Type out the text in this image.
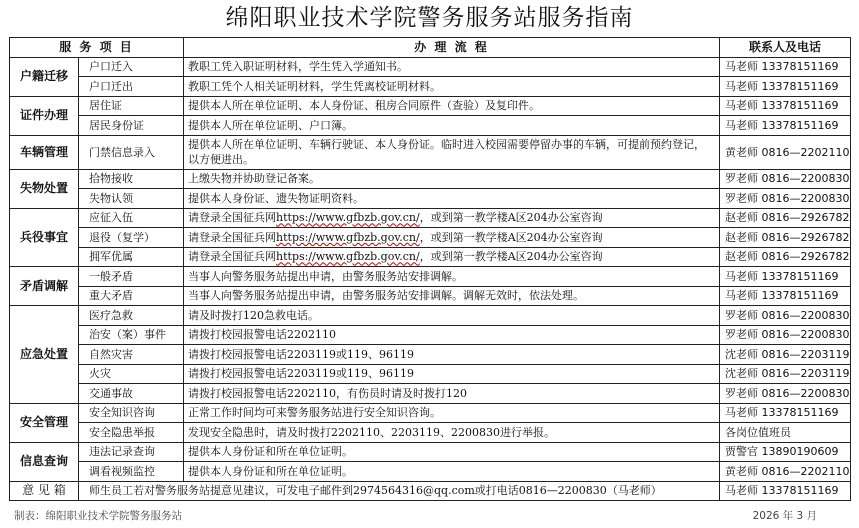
绵阳职业技术学院警务服务站服务指南
服 务 项 目		办 理 流 程	联系人及电话
户籍迁移	户口迁入	教职工凭入职证明材料，学生凭入学通知书。	马老师 13378151169
	户口迁出	教职工凭个人相关证明材料，学生凭离校证明材料。	马老师 13378151169
证件办理	居住证	提供本人所在单位证明、本人身份证、租房合同原件（查验）及复印件。	马老师 13378151169
	居民身份证	提供本人所在单位证明、户口簿。	马老师 13378151169
车辆管理	门禁信息录入	提供本人所在单位证明、车辆行驶证、本人身份证。临时进入校园需要停留办事的车辆，可提前预约登记，以方便进出。	黄老师 0816—2202110
失物处置	拾物接收	上缴失物并协助登记备案。	罗老师 0816—2200830
	失物认领	提供本人身份证、遗失物证明资料。	罗老师 0816—2200830
兵役事宜	应征入伍	请登录全国征兵网https://www.gfbzb.gov.cn/，或到第一教学楼A区204办公室咨询	赵老师 0816—2926782
	退役（复学）	请登录全国征兵网https://www.gfbzb.gov.cn/，或到第一教学楼A区204办公室咨询	赵老师 0816—2926782
	拥军优属	请登录全国征兵网https://www.gfbzb.gov.cn/，或到第一教学楼A区204办公室咨询	赵老师 0816—2926782
矛盾调解	一般矛盾	当事人向警务服务站提出申请，由警务服务站安排调解。	马老师 13378151169
	重大矛盾	当事人向警务服务站提出申请，由警务服务站安排调解。调解无效时，依法处理。	马老师 13378151169
应急处置	医疗急救	请及时拨打120急救电话。	罗老师 0816—2200830
	治安（案）事件	请拨打校园报警电话2202110	罗老师 0816—2200830
	自然灾害	请拨打校园报警电话2203119或119、96119	沈老师 0816—2203119
	火灾	请拨打校园报警电话2203119或119、96119	沈老师 0816—2203119
	交通事故	请拨打校园报警电话2202110，有伤员时请及时拨打120	罗老师 0816—2200830
安全管理	安全知识咨询	正常工作时间均可来警务服务站进行安全知识咨询。	马老师 13378151169
	安全隐患举报	发现安全隐患时，请及时拨打2202110、2203119、2200830进行举报。	各岗位值班员
信息查询	违法记录查询	提供本人身份证和所在单位证明。	贾警官 13890190609
	调看视频监控	提供本人身份证和所在单位证明。	黄老师 0816—2202110
意 见 箱	师生员工若对警务服务站提意见建议，可发电子邮件到2974564316@qq.com或打电话0816—2200830（马老师）		马老师 13378151169
制表：绵阳职业技术学院警务服务站	2026 年 3 月
